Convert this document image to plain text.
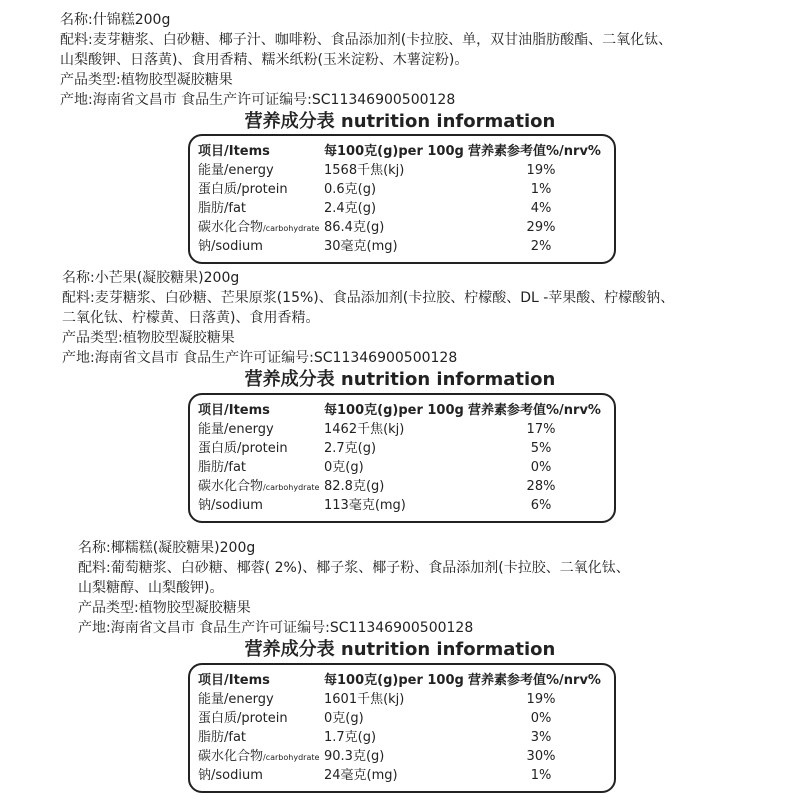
名称:什锦糕200g
配料:麦芽糖浆、白砂糖、椰子汁、咖啡粉、食品添加剂(卡拉胶、单，双甘油脂肪酸酯、二氧化钛、
山梨酸钾、日落黄)、食用香精、糯米纸粉(玉米淀粉、木薯淀粉)。
产品类型:植物胶型凝胶糖果
产地:海南省文昌市 食品生产许可证编号:SC11346900500128
营养成分表 nutrition information
项目/Items	每100克(g)per 100g 营养素参考值%/nrv%
能量/energy	1568千焦(kj)	19%
蛋白质/protein	0.6克(g)	1%
脂肪/fat	2.4克(g)	4%
碳水化合物/carbohydrate 86.4克(g)	29%
钠/sodium	30毫克(mg)	2%
名称:小芒果(凝胶糖果)200g
配料:麦芽糖浆、白砂糖、芒果原浆(15%)、食品添加剂(卡拉胶、柠檬酸、DL -苹果酸、柠檬酸钠、
二氧化钛、柠檬黄、日落黄)、食用香精。
产品类型:植物胶型凝胶糖果
产地:海南省文昌市 食品生产许可证编号:SC11346900500128
营养成分表 nutrition information
项目/Items	每100克(g)per 100g 营养素参考值%/nrv%
能量/energy	1462千焦(kj)	17%
蛋白质/protein	2.7克(g)	5%
脂肪/fat	0克(g)	0%
碳水化合物/carbohydrate 82.8克(g)	28%
钠/sodium	113毫克(mg)	6%
名称:椰糯糕(凝胶糖果)200g
配料:葡萄糖浆、白砂糖、椰蓉( 2%)、椰子浆、椰子粉、食品添加剂(卡拉胶、二氧化钛、
山梨糖醇、山梨酸钾)。
产品类型:植物胶型凝胶糖果
产地:海南省文昌市 食品生产许可证编号:SC11346900500128
营养成分表 nutrition information
项目/Items	每100克(g)per 100g 营养素参考值%/nrv%
能量/energy	1601千焦(kj)	19%
蛋白质/protein	0克(g)	0%
脂肪/fat	1.7克(g)	3%
碳水化合物/carbohydrate 90.3克(g)	30%
钠/sodium	24毫克(mg)	1%
